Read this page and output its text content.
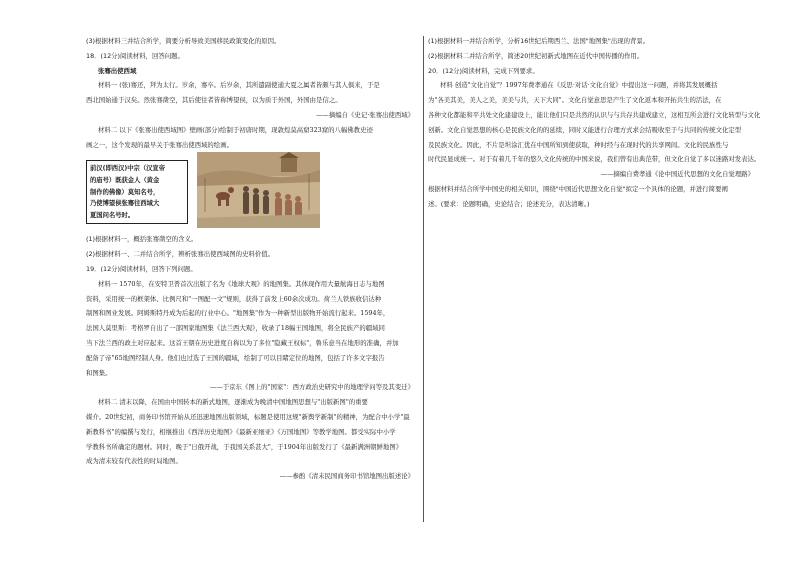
(3)根据材料三并结合所学，简要分析导致美国移民政策变化的原因。
18．(12分)阅读材料，回答问题。
张骞出使西域
材料一 (张)骞还，拜为太行。岁余，骞卒。后岁余，其所遣副使通大夏之属者皆颇与其人俱来，于是
西北国始通于汉矣。然张骞凿空，其后使往者皆称博望侯，以为质于外国，外国由是信之。
——摘编自《史记·张骞出使西域》
材料二 以下《张骞出使西域图》壁画(部分)绘制于初唐时期，现敦煌莫高窟323窟的八幅佛教史迹
画之一，这个发现的最早关于张骞出使西域的绘画。
前汉(即西汉)中宗（汉宣帝
的庙号）既获金人（黄金
制作的佛像）莫知名号，
乃使博望侯张骞往西域大
夏国问名号时。
(1)根据材料一，概括张骞凿空的含义。
(2)根据材料一、二并结合所学，辨析张骞出使西域图的史料价值。
19．(12分)阅读材料，回答下列问题。
材料一 1570年，在安特卫普首次出版了名为《地球大观》的地图集。其体现作用大量航海日志与地图
资料，采用统一的框架体、比例尺和"一图配一文"规则，获得了前发上60余次成功。荷兰人铁族收信达种
制图和图业发展。阿姆斯特丹成为后起的行业中心。"地图集"作为一种新型出版物开始流行起来。1594年，
法国人莫里斯：考格罗自出了一部图家地图集《法兰西大观》，收录了18幅王国地图，将全民族产的疆域同
当下法兰西的政土对应起来。这首王朝在历史进度自称以为了多位"隐藏王权标"，鲁乐意当在地形的准确，并加
配备了帝"65地图经制人身。他们也过选了王国的疆域，绘制了可以目睹定位的地图，包括了许多文字报告
和图集。
——于京东《图上的"国家"：西方政治史研究中的地理学问等及其变迁》
材料二 清末以降，在国由中国转本的新式地图，逐渐成为晚清中国地图思想与"出版新图"的重要
媒介。20世纪初，商务印书馆开始从还迅速地图出版领域，标题是使用这规"新舆学新制"的精神，为配合中小学"最
新教科书"的编撰与发行，相继推出《西洋历史地图》《最新亚细亚》《万国地图》等教学地图。都受实际中小学
学教科书所确定的题材。同时，晚于"日俄开战，于我国关系甚大"，于1904年出版发行了《最新满洲朝鲜地图》
成为清末较有代表性的时局地图。
——参酌《清末民国商务印书馆地图出版述论》
(1)根据材料一并结合所学，分析16世纪后期西兰、法国"地图集"出现的背景。
(2)根据材料二并结合所学，简述20世纪初新式地图在近代中国传播的作用。
20．(12分)阅读材料，完成下列要求。
材料 创造"文化自觉"？1997年费孝通在《反思·对话·文化自觉》中提出这一问题，并将其发展概括
为"各美其美，美人之美，美美与共，天下大同"。文化自觉意思是产生了文化返本和开拓共生的活法，在
各种文化都能和平共处文化建建设上，能让他们只是共然的认识与与共存共建成建立，这相互所会进行文化转型与文化
创新。文化自觉思想的核心是民族文化的的延续，同时又能进行合理方式求会结吸收至于与共同的传统文化定型
及民族文化。因此，不片是坦涂汇优在中国所知到使获取，种时经与在现时代的共享网间。文化的民族性与
时代民显成统一。对于有着几千年的悠久文化传统的中国来说，我们曾有出典范带，但文化自觉了多以迷路对发表达。
——摘编自费孝通《论中国近代思想的文化自觉理路》
根据材料并结合所学中国史的相关知识，围绕"中国近代思想文化自觉"拟定一个具体的论题，并进行简要阐
述。(要求：论题明确，史论结合；论述充分，表达清晰。)
